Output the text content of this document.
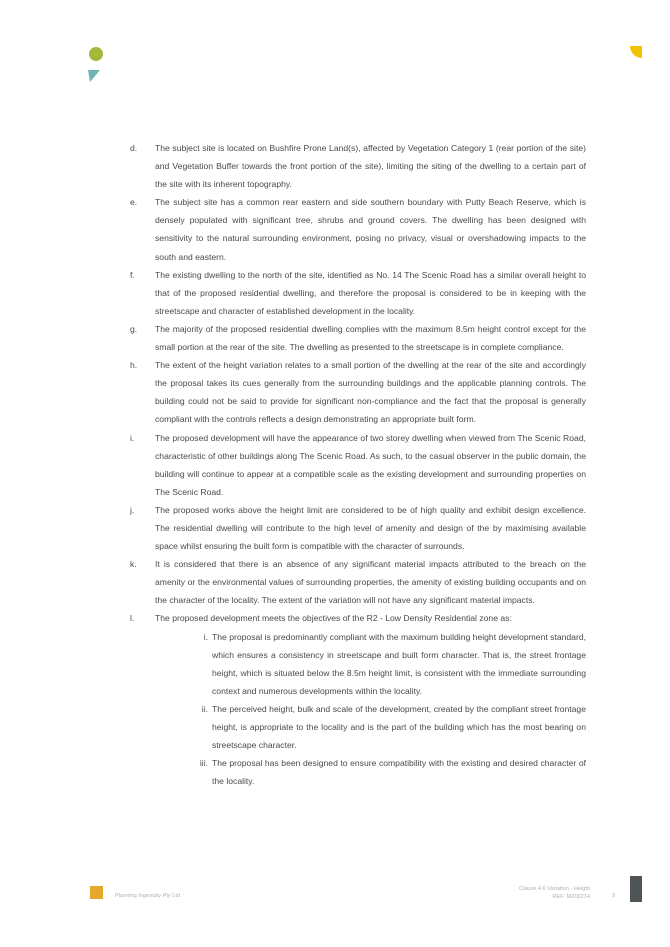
d.	The subject site is located on Bushfire Prone Land(s), affected by Vegetation Category 1 (rear portion of the site) and Vegetation Buffer towards the front portion of the site), limiting the siting of the dwelling to a certain part of the site with its inherent topography.
e.	The subject site has a common rear eastern and side southern boundary with Putty Beach Reserve, which is densely populated with significant tree, shrubs and ground covers. The dwelling has been designed with sensitivity to the natural surrounding environment, posing no privacy, visual or overshadowing impacts to the south and eastern.
f.	The existing dwelling to the north of the site, identified as No. 14 The Scenic Road has a similar overall height to that of the proposed residential dwelling, and therefore the proposal is considered to be in keeping with the streetscape and character of established development in the locality.
g.	The majority of the proposed residential dwelling complies with the maximum 8.5m height control except for the small portion at the rear of the site. The dwelling as presented to the streetscape is in complete compliance.
h.	The extent of the height variation relates to a small portion of the dwelling at the rear of the site and accordingly the proposal takes its cues generally from the surrounding buildings and the applicable planning controls. The building could not be said to provide for significant non-compliance and the fact that the proposal is generally compliant with the controls reflects a design demonstrating an appropriate built form.
i.	The proposed development will have the appearance of two storey dwelling when viewed from The Scenic Road, characteristic of other buildings along The Scenic Road. As such, to the casual observer in the public domain, the building will continue to appear at a compatible scale as the existing development and surrounding properties on The Scenic Road.
j.	The proposed works above the height limit are considered to be of high quality and exhibit design excellence. The residential dwelling will contribute to the high level of amenity and design of the by maximising available space whilst ensuring the built form is compatible with the character of surrounds.
k.	It is considered that there is an absence of any significant material impacts attributed to the breach on the amenity or the environmental values of surrounding properties, the amenity of existing building occupants and on the character of the locality. The extent of the variation will not have any significant material impacts.
l.	The proposed development meets the objectives of the R2 - Low Density Residential zone as:
i. The proposal is predominantly compliant with the maximum building height development standard, which ensures a consistency in streetscape and built form character. That is, the street frontage height, which is situated below the 8.5m height limit, is consistent with the immediate surrounding context and numerous developments within the locality.
ii. The perceived height, bulk and scale of the development, created by the compliant street frontage height, is appropriate to the locality and is the part of the building which has the most bearing on streetscape character.
iii. The proposal has been designed to ensure compatibility with the existing and desired character of the locality.
Planning Ingenuity Pty Ltd
Clause 4.6 Variation - Height
REF: M200214	9
